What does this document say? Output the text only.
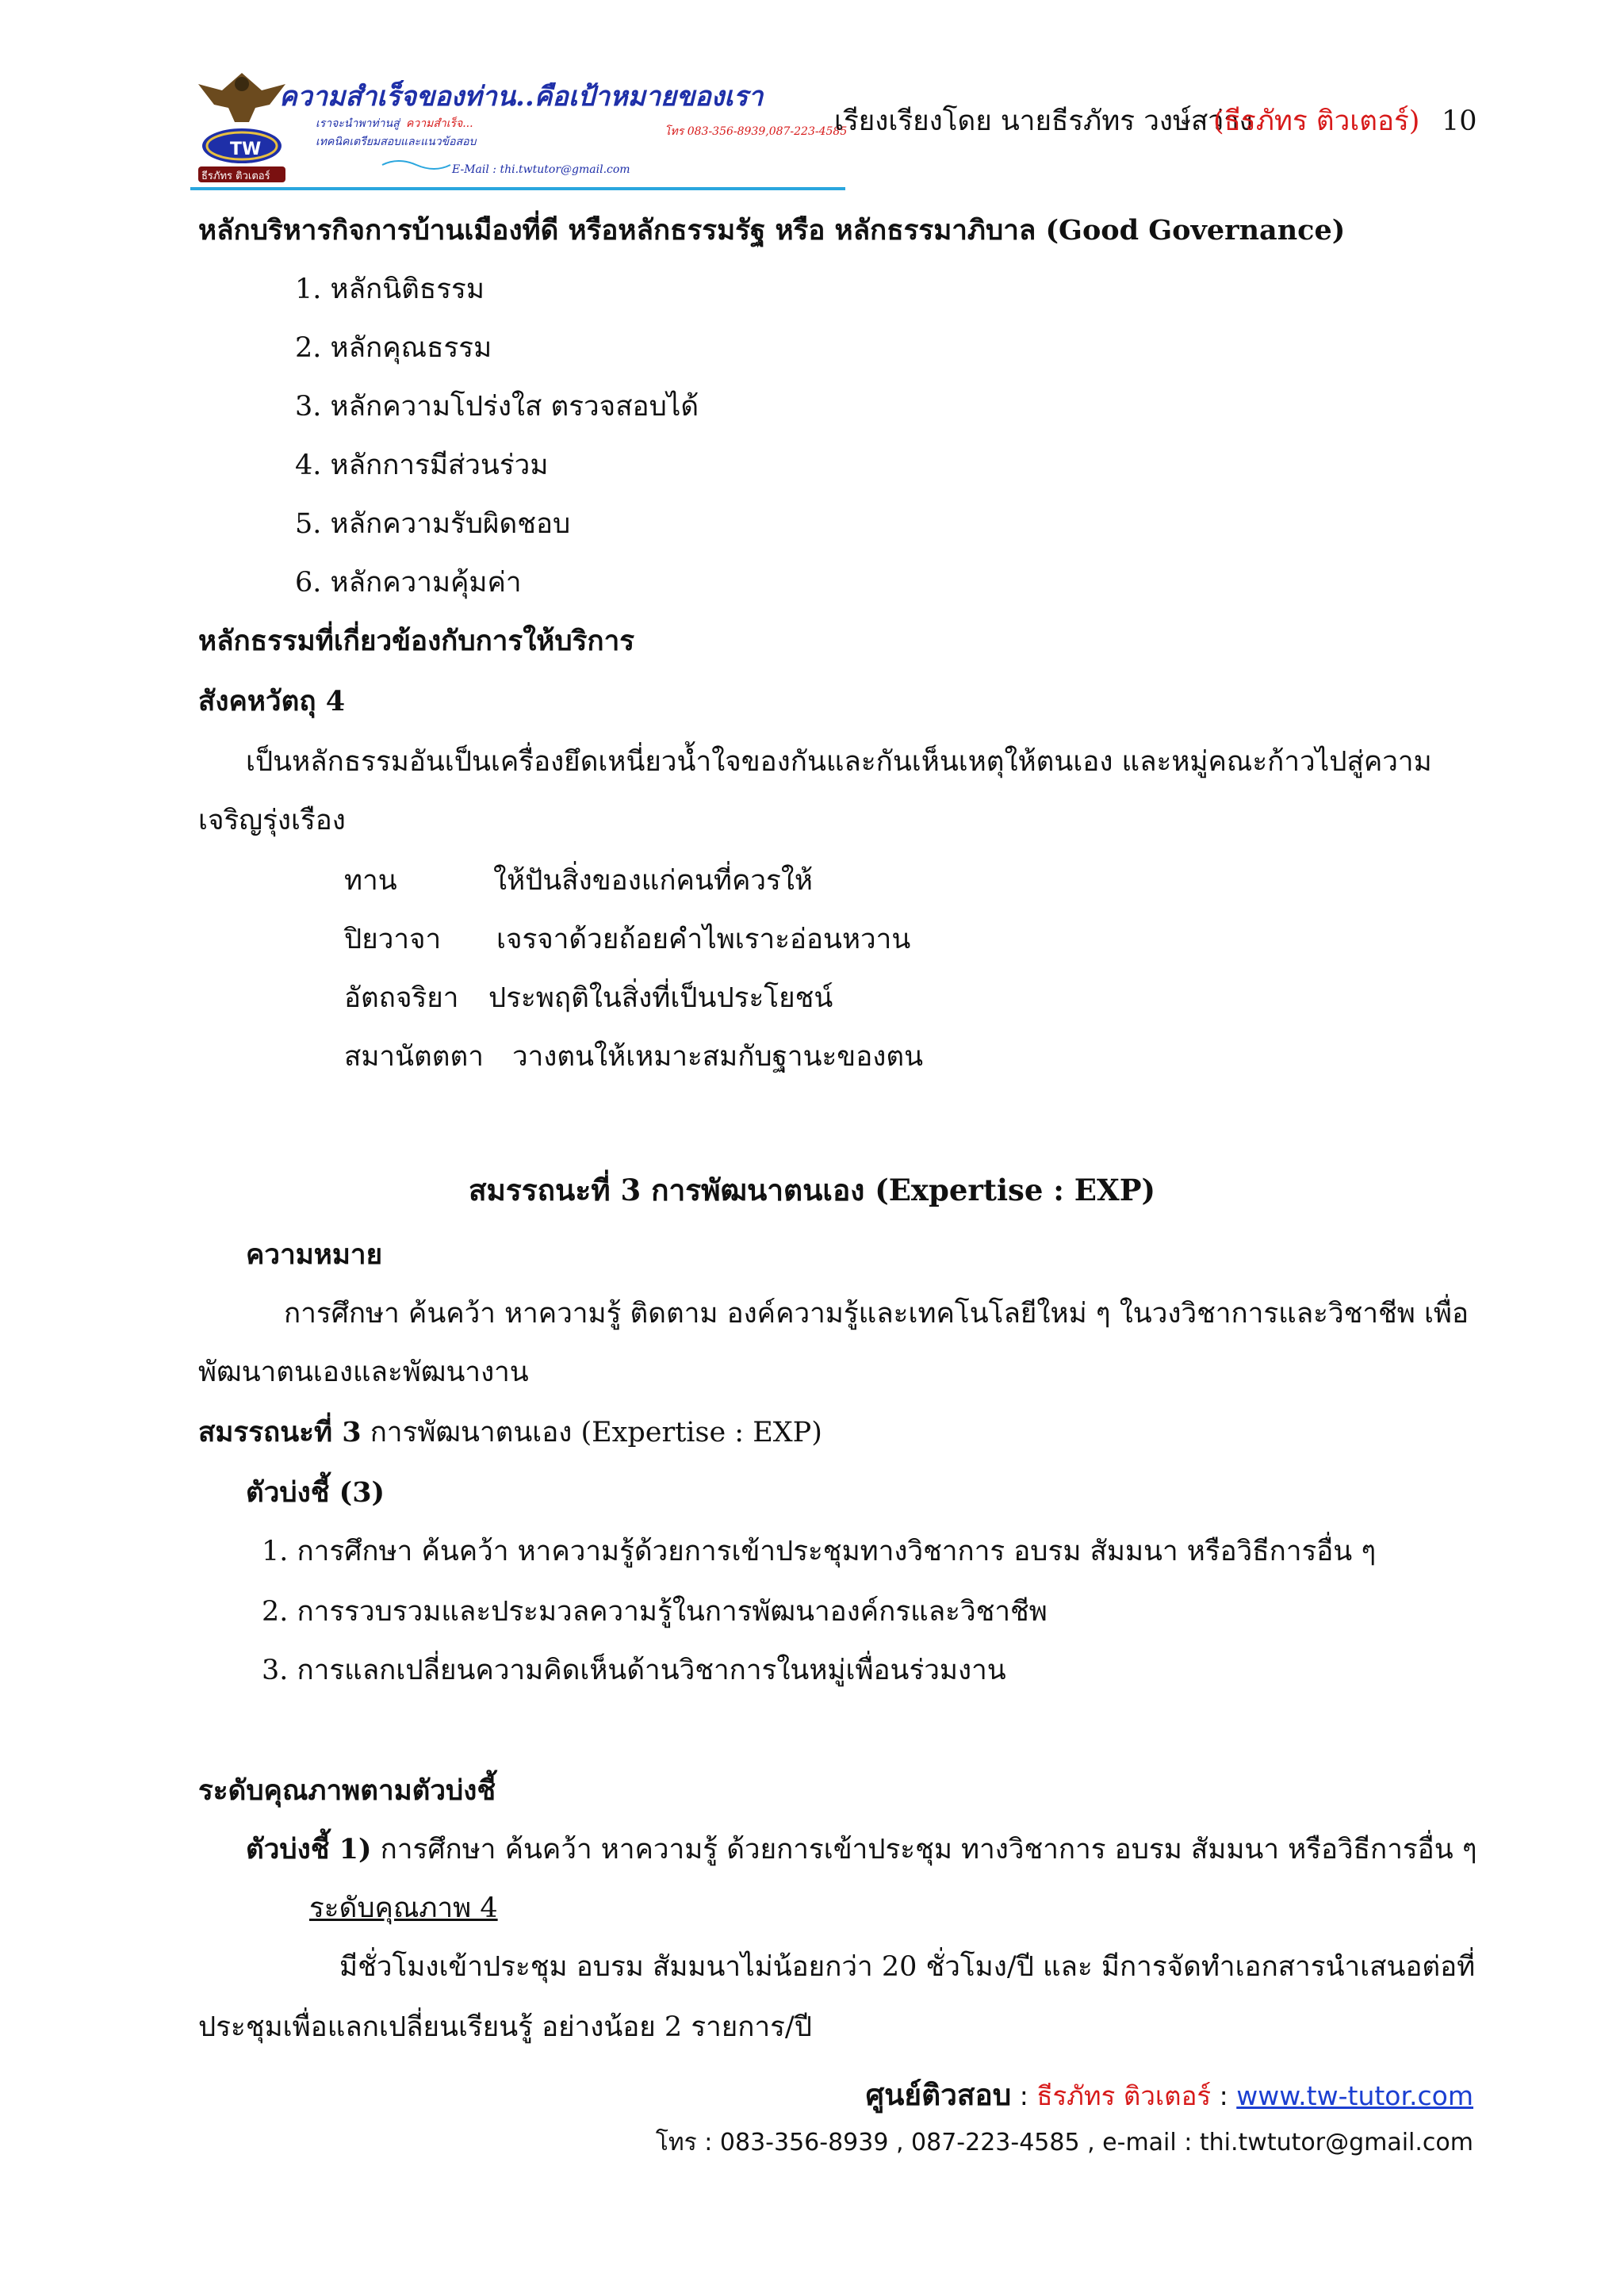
TW
ธีรภัทร ติวเตอร์
ความสำเร็จของท่าน..คือเป้าหมายของเรา
เราจะนำพาท่านสู่ ความสำเร็จ...
เทคนิคเตรียมสอบและแนวข้อสอบ
โทร 083-356-8939,087-223-4585
E-Mail : thi.twtutor@gmail.com
เรียงเรียงโดย นายธีรภัทร วงษ์สว่าง
(ธีรภัทร ติวเตอร์) 10
หลักบริหารกิจการบ้านเมืองที่ดี หรือหลักธรรมรัฐ หรือ หลักธรรมาภิบาล (Good Governance)
1. หลักนิติธรรม
2. หลักคุณธรรม
3. หลักความโปร่งใส ตรวจสอบได้
4. หลักการมีส่วนร่วม
5. หลักความรับผิดชอบ
6. หลักความคุ้มค่า
หลักธรรมที่เกี่ยวข้องกับการให้บริการ
สังคหวัตถุ 4
เป็นหลักธรรมอันเป็นเครื่องยึดเหนี่ยวน้ำใจของกันและกันเห็นเหตุให้ตนเอง และหมู่คณะก้าวไปสู่ความ
เจริญรุ่งเรือง
ทาน	ให้ปันสิ่งของแก่คนที่ควรให้
ปิยวาจา เจรจาด้วยถ้อยคำไพเราะอ่อนหวาน
อัตถจริยา ประพฤติในสิ่งที่เป็นประโยชน์
สมานัตตตา วางตนให้เหมาะสมกับฐานะของตน
สมรรถนะที่ 3 การพัฒนาตนเอง (Expertise : EXP)
ความหมาย
การศึกษา ค้นคว้า หาความรู้ ติดตาม องค์ความรู้และเทคโนโลยีใหม่ ๆ ในวงวิชาการและวิชาชีพ เพื่อ
พัฒนาตนเองและพัฒนางาน
สมรรถนะที่ 3 การพัฒนาตนเอง (Expertise : EXP)
ตัวบ่งชี้ (3)
1. การศึกษา ค้นคว้า หาความรู้ด้วยการเข้าประชุมทางวิชาการ อบรม สัมมนา หรือวิธีการอื่น ๆ
2. การรวบรวมและประมวลความรู้ในการพัฒนาองค์กรและวิชาชีพ
3. การแลกเปลี่ยนความคิดเห็นด้านวิชาการในหมู่เพื่อนร่วมงาน
ระดับคุณภาพตามตัวบ่งชี้
ตัวบ่งชี้ 1) การศึกษา ค้นคว้า หาความรู้ ด้วยการเข้าประชุม ทางวิชาการ อบรม สัมมนา หรือวิธีการอื่น ๆ
ระดับคุณภาพ 4
มีชั่วโมงเข้าประชุม อบรม สัมมนาไม่น้อยกว่า 20 ชั่วโมง/ปี และ มีการจัดทำเอกสารนำเสนอต่อที่
ประชุมเพื่อแลกเปลี่ยนเรียนรู้ อย่างน้อย 2 รายการ/ปี
ศูนย์ติวสอบ : ธีรภัทร ติวเตอร์ : www.tw-tutor.com
โทร : 083-356-8939 , 087-223-4585 , e-mail : thi.twtutor@gmail.com
